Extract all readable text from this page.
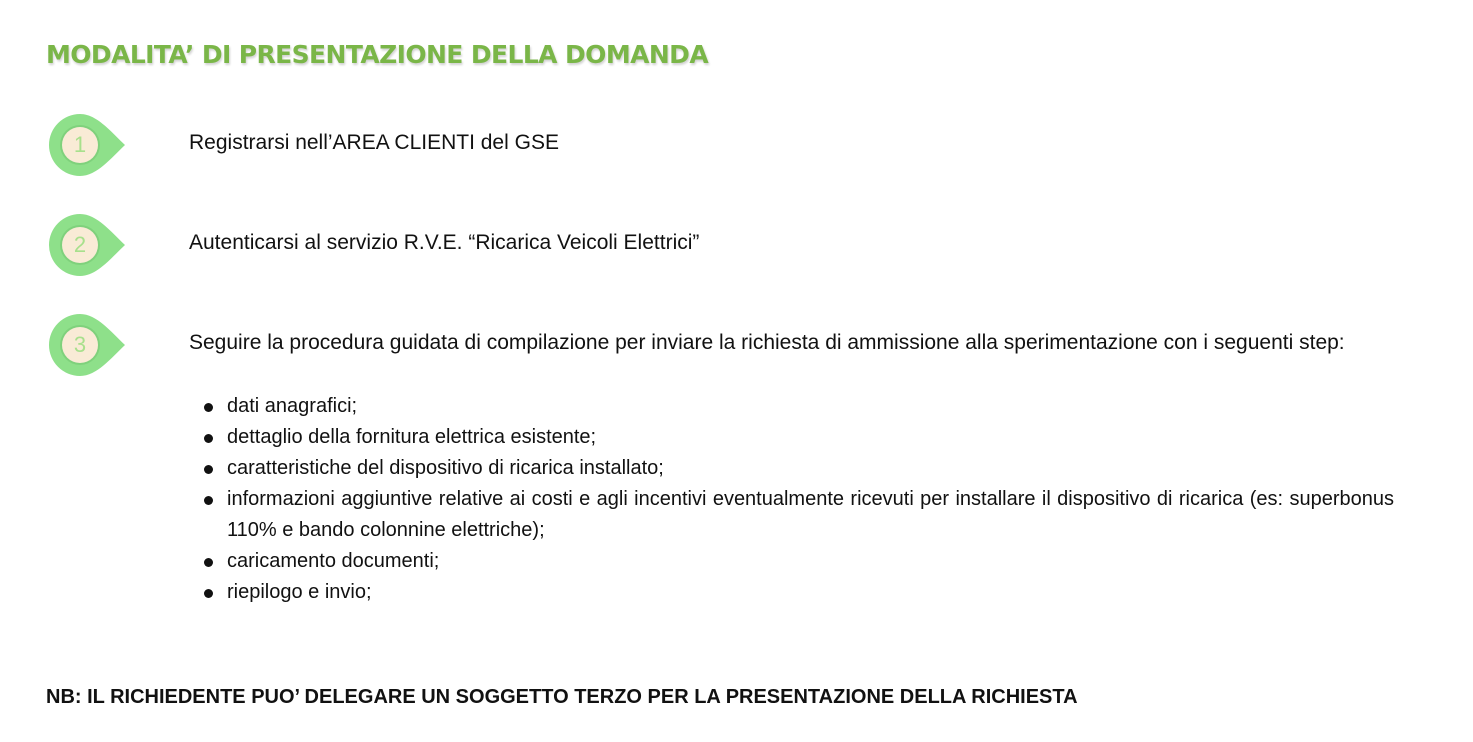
MODALITA’ DI PRESENTAZIONE DELLA DOMANDA
1	Registrarsi nell’AREA CLIENTI del GSE
2	Autenticarsi al servizio R.V.E. “Ricarica Veicoli Elettrici”
3	Seguire la procedura guidata di compilazione per inviare la richiesta di ammissione alla sperimentazione con i seguenti step:
dati anagrafici;
dettaglio della fornitura elettrica esistente;
caratteristiche del dispositivo di ricarica installato;
informazioni aggiuntive relative ai costi e agli incentivi eventualmente ricevuti per installare il dispositivo di ricarica (es: superbonus 110% e bando colonnine elettriche);
caricamento documenti;
riepilogo e invio;

NB: IL RICHIEDENTE PUO’ DELEGARE UN SOGGETTO TERZO PER LA PRESENTAZIONE DELLA RICHIESTA
